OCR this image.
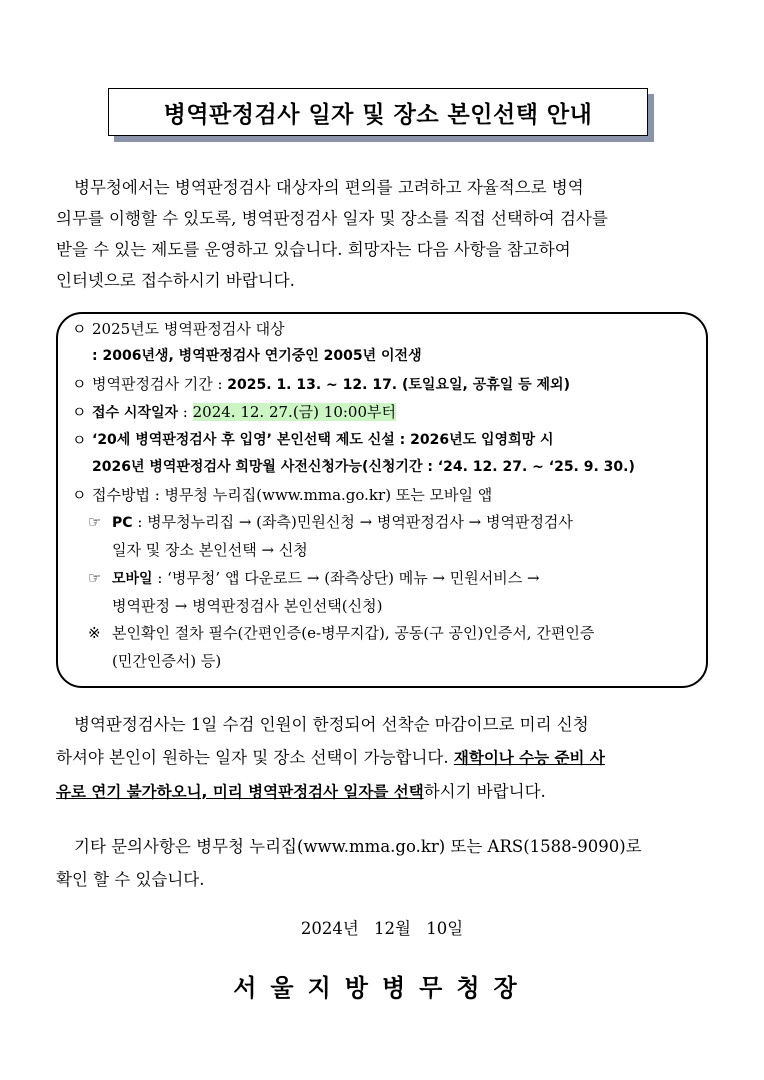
병역판정검사 일자 및 장소 본인선택 안내
병무청에서는 병역판정검사 대상자의 편의를 고려하고 자율적으로 병역
의무를 이행할 수 있도록, 병역판정검사 일자 및 장소를 직접 선택하여 검사를
받을 수 있는 제도를 운영하고 있습니다. 희망자는 다음 사항을 참고하여
인터넷으로 접수하시기 바랍니다.
ㅇ 2025년도 병역판정검사 대상
: 2006년생, 병역판정검사 연기중인 2005년 이전생
ㅇ 병역판정검사 기간 : 2025. 1. 13. ~ 12. 17. (토일요일, 공휴일 등 제외)
ㅇ 접수 시작일자 : 2024. 12. 27.(금) 10:00부터
ㅇ ‘20세 병역판정검사 후 입영’ 본인선택 제도 신설 : 2026년도 입영희망 시
2026년 병역판정검사 희망월 사전신청가능(신청기간 : ‘24. 12. 27. ~ ‘25. 9. 30.)
ㅇ 접수방법 : 병무청 누리집(www.mma.go.kr) 또는 모바일 앱
☞ PC : 병무청누리집 → (좌측)민원신청 → 병역판정검사 → 병역판정검사
일자 및 장소 본인선택 → 신청
☞ 모바일 : ‘병무청’ 앱 다운로드 → (좌측상단) 메뉴 → 민원서비스 →
병역판정 → 병역판정검사 본인선택(신청)
※ 본인확인 절차 필수(간편인증(e-병무지갑), 공동(구 공인)인증서, 간편인증
(민간인증서) 등)
병역판정검사는 1일 수검 인원이 한정되어 선착순 마감이므로 미리 신청
하셔야 본인이 원하는 일자 및 장소 선택이 가능합니다. 재학이나 수능 준비 사
유로 연기 불가하오니, 미리 병역판정검사 일자를 선택하시기 바랍니다.
기타 문의사항은 병무청 누리집(www.mma.go.kr) 또는 ARS(1588-9090)로
확인 할 수 있습니다.
2024년 12월 10일
서울지방병무청장
